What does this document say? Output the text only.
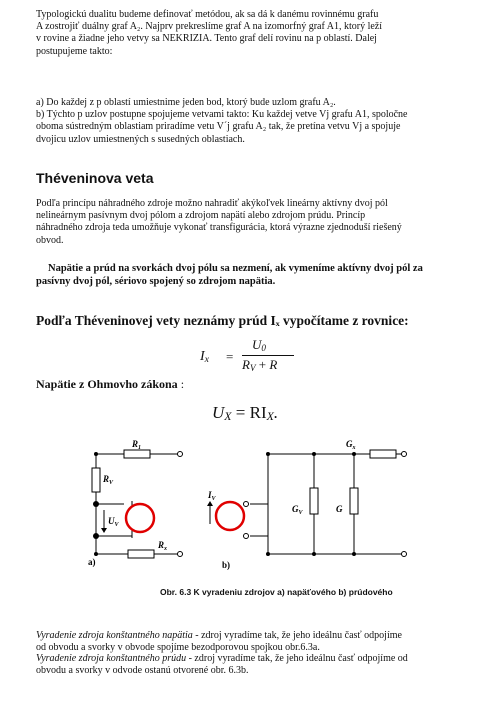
Typologickú dualitu budeme definovať metódou, ak sa dá k danému rovinnému grafu
A zostrojiť duálny graf A₂. Najprv prekreslíme graf A na izomorfný graf A1, ktorý leží
v rovine a žiadne jeho vetvy sa NEKRIZIA. Tento graf delí rovinu na p oblastí. Dalej
postupujeme takto:
a) Do každej z p oblastí umiestnime jeden bod, ktorý bude uzlom grafu A₂.
b) Týchto p uzlov postupne spojujeme vetvami takto: Ku každej vetve Vj grafu A1, spoločne
oboma sústredným oblastiam priradíme vetu V´j grafu A₂ tak, že pretína vetvu Vj a spojuje
dvojicu uzlov umiestnených s susedných oblastiach.
Théveninova veta
Podľa princípu náhradného zdroje možno nahradiť akýkoľvek lineárny aktívny dvoj pól
nelineárnym pasívnym dvoj pólom a zdrojom napätí alebo zdrojom prúdu. Princíp
náhradného zdroja teda umožňuje vykonať transfigurácia, ktorá výrazne zjednoduší riešený
obvod.
Napätie a prúd na svorkách dvoj pólu sa nezmení, ak vymeníme aktívny dvoj pól za
pasívny dvoj pól, sériovo spojený so zdrojom napätia.
Podľa Théveninovej vety neznámy prúd Iₓ vypočítame z rovnice:
$I_x$ =
$U_0$
$R_V + R$
Napätie z Ohmovho zákona :
UX = RIX.
$R_1$
$R_V$
$U_V$
$R_x$
a)
$G_x$
$I_V$
$G_V$	G
b)
Obr. 6.3 K vyradeniu zdrojov a) napäťového b) prúdového
Vyradenie zdroja konštantného napätia - zdroj vyradíme tak, že jeho ideálnu časť odpojíme
od obvodu a svorky v obvode spojíme bezodporovou spojkou obr.6.3a.
Vyradenie zdroja konštantného prúdu - zdroj vyradíme tak, že jeho ideálnu časť odpojíme od
obvodu a svorky v odvode ostanú otvorené obr. 6.3b.
